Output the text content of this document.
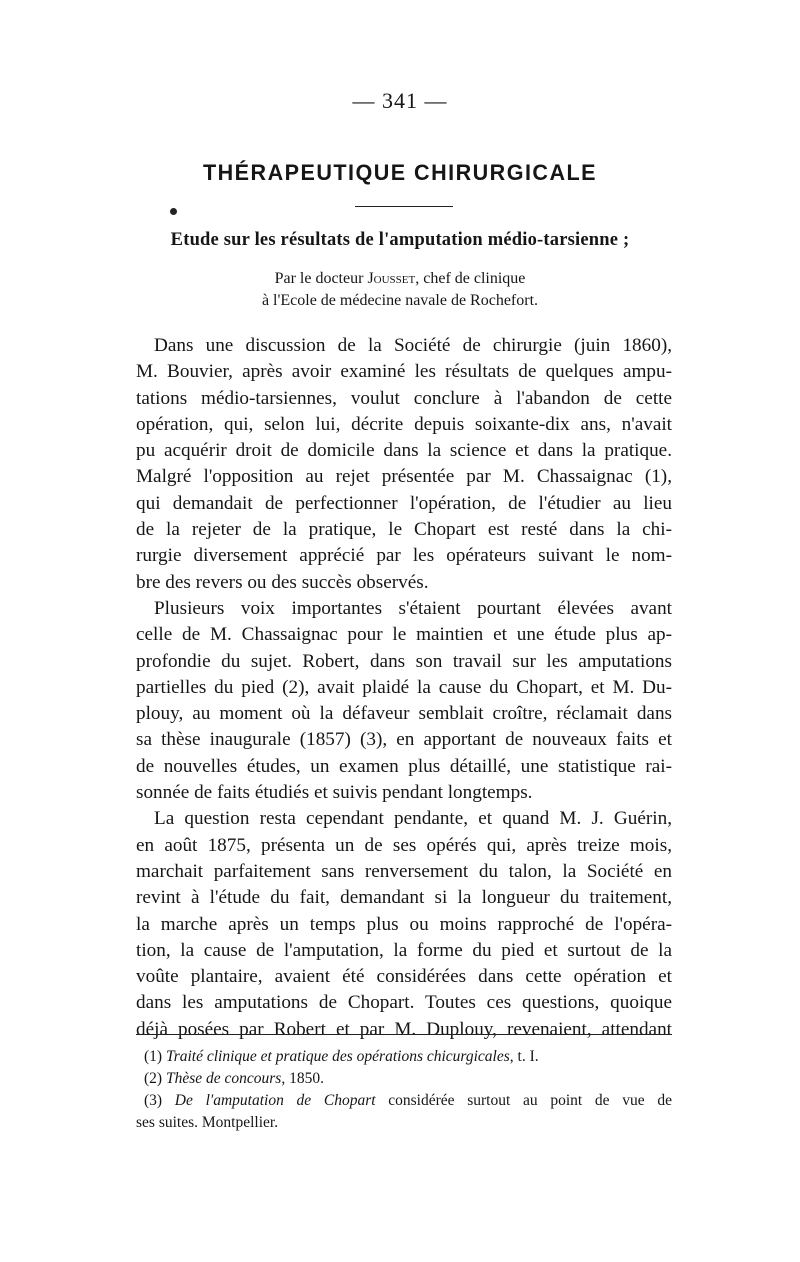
— 341 —
THÉRAPEUTIQUE CHIRURGICALE
Etude sur les résultats de l'amputation médio-tarsienne ;
Par le docteur Jousset, chef de clinique
à l'Ecole de médecine navale de Rochefort.
Dans une discussion de la Société de chirurgie (juin 1860),
M. Bouvier, après avoir examiné les résultats de quelques ampu-
tations médio-tarsiennes, voulut conclure à l'abandon de cette
opération, qui, selon lui, décrite depuis soixante-dix ans, n'avait
pu acquérir droit de domicile dans la science et dans la pratique.
Malgré l'opposition au rejet présentée par M. Chassaignac (1),
qui demandait de perfectionner l'opération, de l'étudier au lieu
de la rejeter de la pratique, le Chopart est resté dans la chi-
rurgie diversement apprécié par les opérateurs suivant le nom-
bre des revers ou des succès observés.
Plusieurs voix importantes s'étaient pourtant élevées avant
celle de M. Chassaignac pour le maintien et une étude plus ap-
profondie du sujet. Robert, dans son travail sur les amputations
partielles du pied (2), avait plaidé la cause du Chopart, et M. Du-
plouy, au moment où la défaveur semblait croître, réclamait dans
sa thèse inaugurale (1857) (3), en apportant de nouveaux faits et
de nouvelles études, un examen plus détaillé, une statistique rai-
sonnée de faits étudiés et suivis pendant longtemps.
La question resta cependant pendante, et quand M. J. Guérin,
en août 1875, présenta un de ses opérés qui, après treize mois,
marchait parfaitement sans renversement du talon, la Société en
revint à l'étude du fait, demandant si la longueur du traitement,
la marche après un temps plus ou moins rapproché de l'opéra-
tion, la cause de l'amputation, la forme du pied et surtout de la
voûte plantaire, avaient été considérées dans cette opération et
dans les amputations de Chopart. Toutes ces questions, quoique
déjà posées par Robert et par M. Duplouy, revenaient, attendant
(1) Traité clinique et pratique des opérations chicurgicales, t. I.
(2) Thèse de concours, 1850.
(3) De l'amputation de Chopart considérée surtout au point de vue de
ses suites. Montpellier.
